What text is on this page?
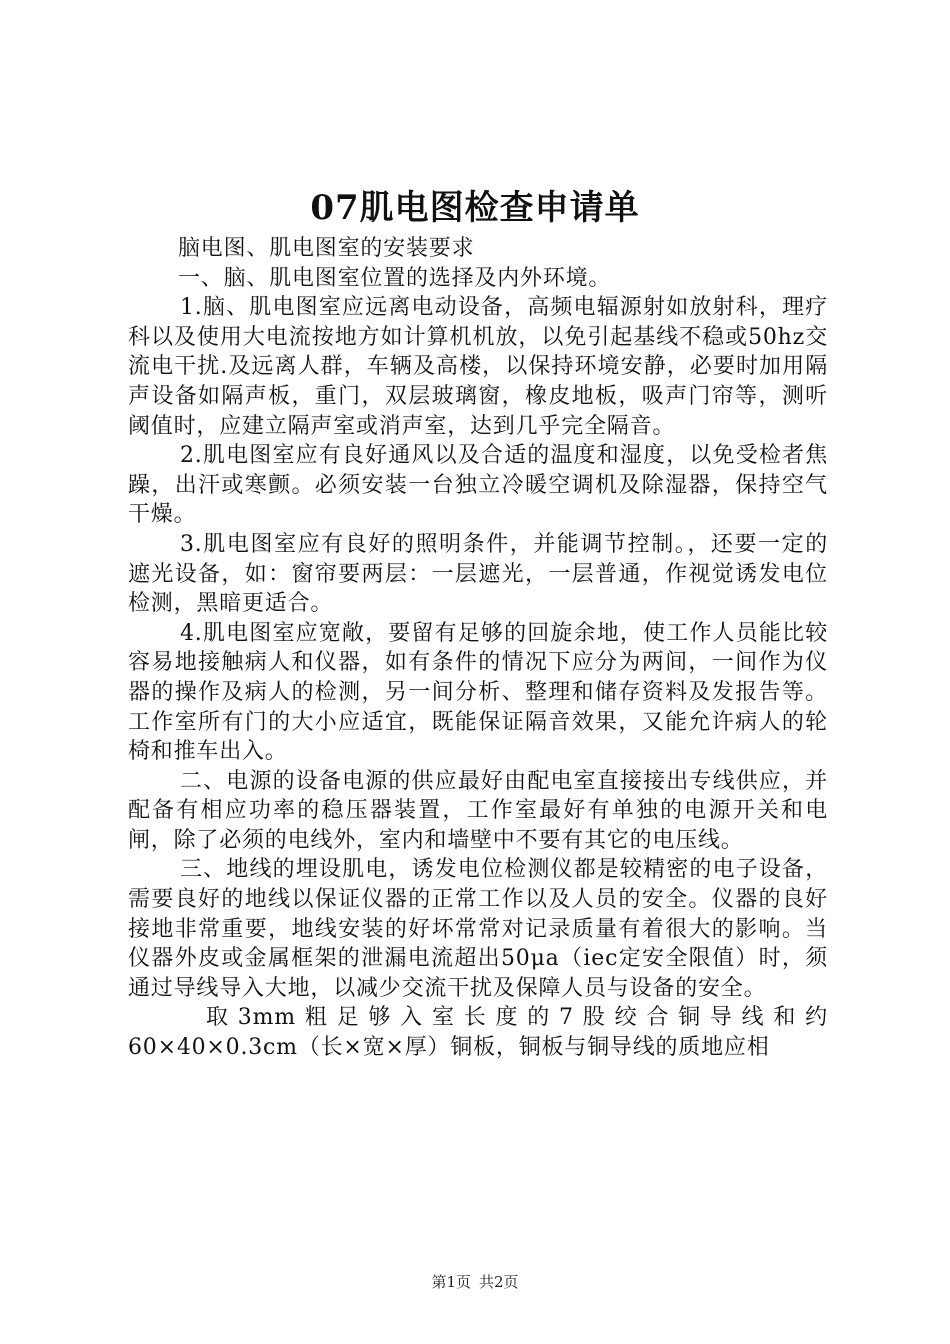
07肌电图检查申请单

脑电图、肌电图室的安装要求

一、脑、肌电图室位置的选择及内外环境。

1.脑、肌电图室应远离电动设备，高频电辐源射如放射科，理疗科以及使用大电流按地方如计算机机放，以免引起基线不稳或50hz交流电干扰.及远离人群，车辆及高楼，以保持环境安静，必要时加用隔声设备如隔声板，重门，双层玻璃窗，橡皮地板，吸声门帘等，测听阈值时，应建立隔声室或消声室，达到几乎完全隔音。

2.肌电图室应有良好通风以及合适的温度和湿度，以免受检者焦躁，出汗或寒颤。必须安装一台独立冷暖空调机及除湿器，保持空气干燥。

3.肌电图室应有良好的照明条件，并能调节控制。，还要一定的遮光设备，如：窗帘要两层：一层遮光，一层普通，作视觉诱发电位检测，黑暗更适合。

4.肌电图室应宽敞，要留有足够的回旋余地，使工作人员能比较容易地接触病人和仪器，如有条件的情况下应分为两间，一间作为仪器的操作及病人的检测，另一间分析、整理和储存资料及发报告等。工作室所有门的大小应适宜，既能保证隔音效果，又能允许病人的轮椅和推车出入。

二、电源的设备电源的供应最好由配电室直接接出专线供应，并配备有相应功率的稳压器装置，工作室最好有单独的电源开关和电闸，除了必须的电线外，室内和墙壁中不要有其它的电压线。

三、地线的埋设肌电，诱发电位检测仪都是较精密的电子设备，需要良好的地线以保证仪器的正常工作以及人员的安全。仪器的良好接地非常重要，地线安装的好坏常常对记录质量有着很大的影响。当仪器外皮或金属框架的泄漏电流超出50μa（iec定安全限值）时，须通过导线导入大地，以减少交流干扰及保障人员与设备的安全。

取3mm粗足够入室长度的7股绞合铜导线和约60×40×0.3cm（长×宽×厚）铜板，铜板与铜导线的质地应相

第1页 共2页
